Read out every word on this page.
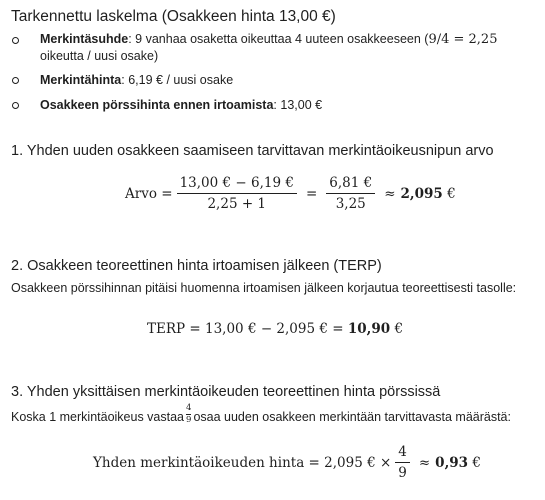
Tarkennettu laskelma (Osakkeen hinta 13,00 €)
Merkintäsuhde: 9 vanhaa osaketta oikeuttaa 4 uuteen osakkeeseen (9/4 = 2,25
oikeutta / uusi osake)
Merkintähinta: 6,19 € / uusi osake
Osakkeen pörssihinta ennen irtoamista: 13,00 €
1. Yhden uuden osakkeen saamiseen tarvittavan merkintäoikeusnipun arvo
Arvo = $\frac{13,00 € - 6,19 €}{2,25 + 1} = \frac{6,81 €}{3,25} \approx 2,095$
€
2. Osakkeen teoreettinen hinta irtoamisen jälkeen (TERP)
Osakkeen pörssihinnan pitäisi huomenna irtoamisen jälkeen korjautua teoreettisesti tasolle:
TERP = 13,00 € − 2,095 € =
10,90
€
3. Yhden yksittäisen merkintäoikeuden teoreettinen hinta pörssissä
Koska 1 merkintäoikeus vastaa
4
9 osaa uuden osakkeen merkintään tarvittavasta määrästä:
Yhden merkintäoikeuden hinta = 2,095 € × $\frac{4}{9} \approx 0,93$
€
